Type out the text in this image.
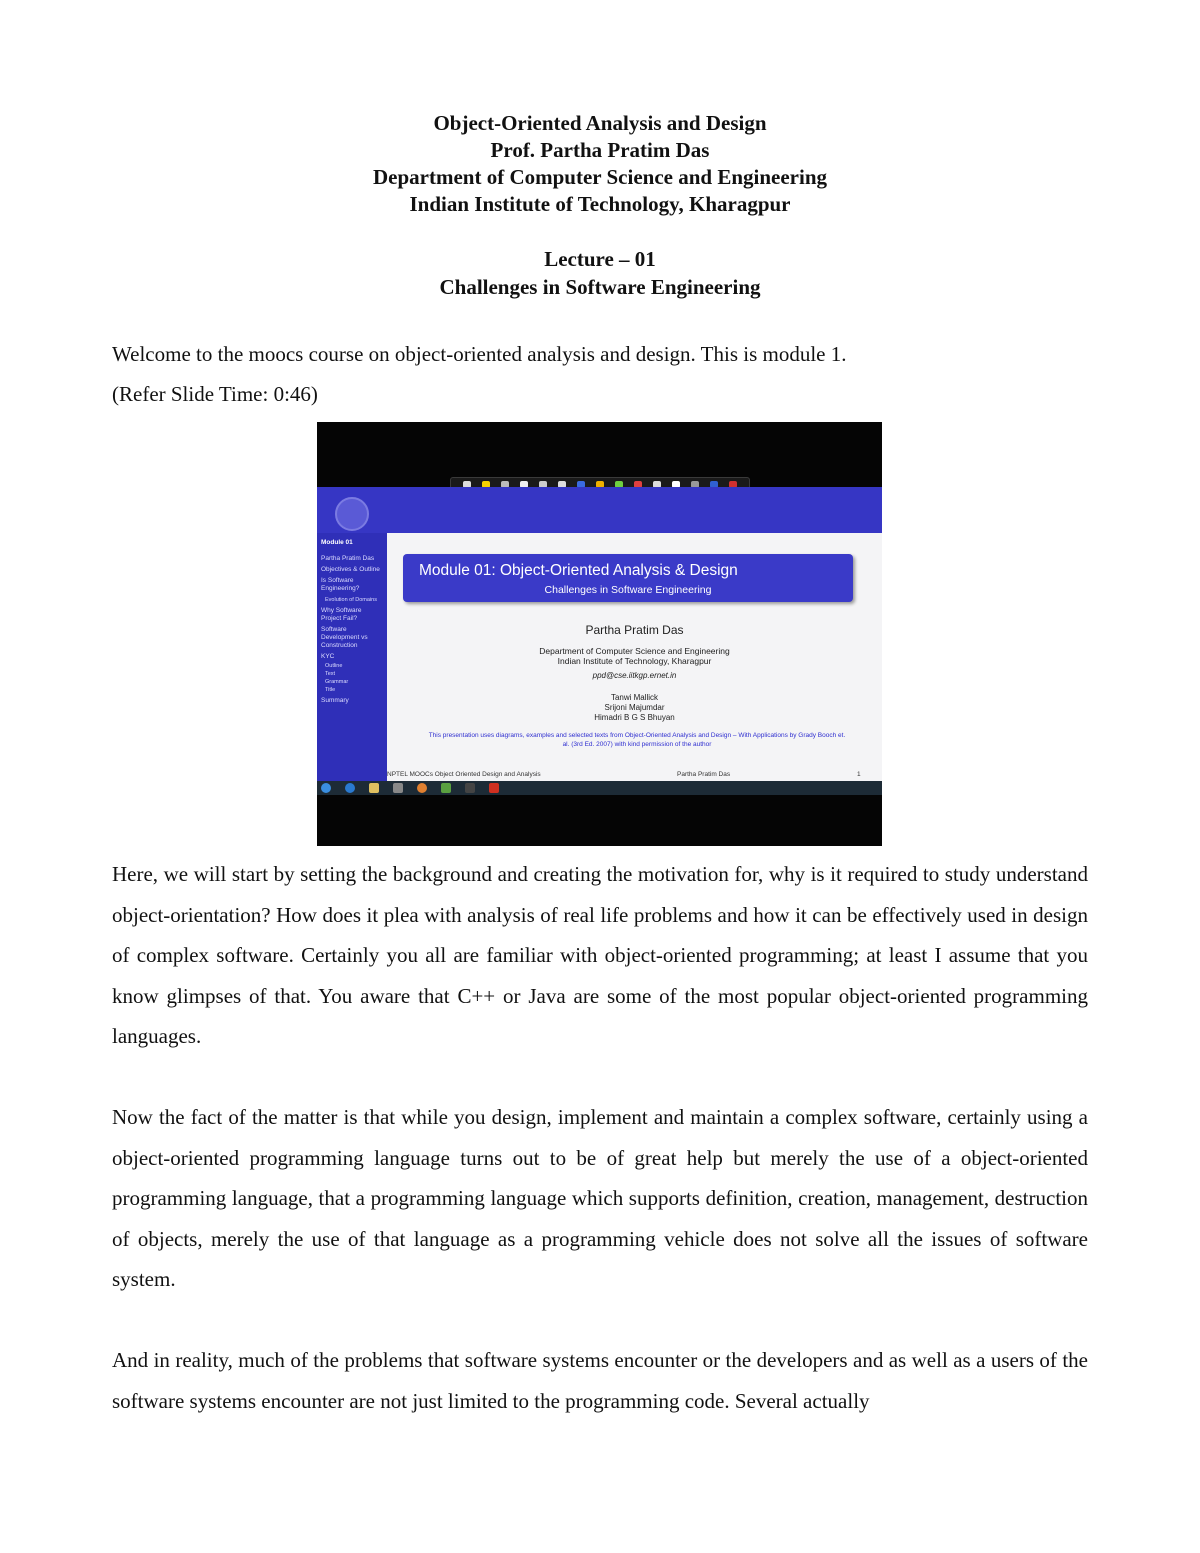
Object-Oriented Analysis and Design
Prof. Partha Pratim Das
Department of Computer Science and Engineering
Indian Institute of Technology, Kharagpur
Lecture – 01
Challenges in Software Engineering
Welcome to the moocs course on object-oriented analysis and design. This is module 1.
(Refer Slide Time: 0:46)
Module 01
Partha Pratim Das
Objectives & Outline
Is Software Engineering?
Evolution of Domains
Why Software Project Fail?
Software Development vs Construction
KYC
Outline
Text
Grammar
Title
Summary
Module 01: Object-Oriented Analysis & Design
Challenges in Software Engineering
Partha Pratim Das
Department of Computer Science and Engineering
Indian Institute of Technology, Kharagpur
ppd@cse.iitkgp.ernet.in
Tanwi Mallick
Srijoni Majumdar
Himadri B G S Bhuyan
This presentation uses diagrams, examples and selected texts from Object-Oriented Analysis and Design – With Applications by Grady Booch et. al. (3rd Ed. 2007) with kind permission of the author
NPTEL MOOCs Object Oriented Design and Analysis	Partha Pratim Das	1
Here, we will start by setting the background and creating the motivation for, why is it required to study understand object-orientation? How does it plea with analysis of real life problems and how it can be effectively used in design of complex software. Certainly you all are familiar with object-oriented programming; at least I assume that you know glimpses of that. You aware that C++ or Java are some of the most popular object-oriented programming languages.
Now the fact of the matter is that while you design, implement and maintain a complex software, certainly using a object-oriented programming language turns out to be of great help but merely the use of a object-oriented programming language, that a programming language which supports definition, creation, management, destruction of objects, merely the use of that language as a programming vehicle does not solve all the issues of software system.
And in reality, much of the problems that software systems encounter or the developers and as well as a users of the software systems encounter are not just limited to the programming code. Several actually
